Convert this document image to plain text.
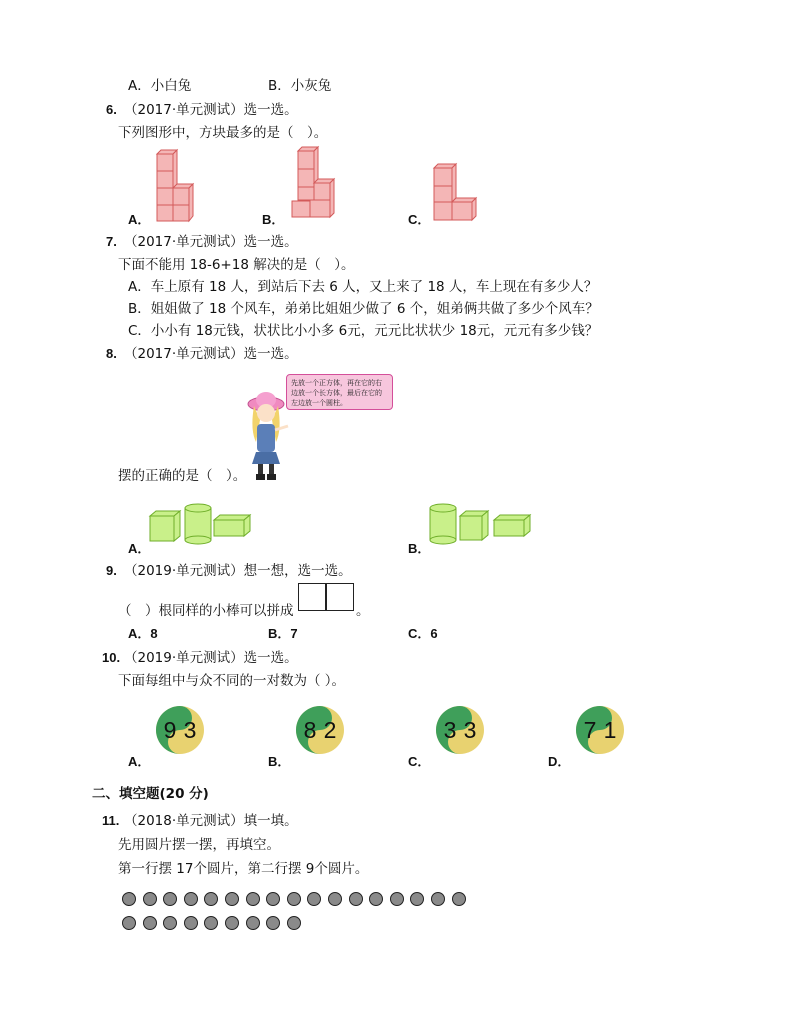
A．小白兔	B．小灰兔
6. （2017·单元测试）选一选。
下列图形中，方块最多的是（　）。
A．	B．	C．
7. （2017·单元测试）选一选。
下面不能用 18-6+18 解决的是（　）。
A．车上原有 18 人，到站后下去 6 人，又上来了 18 人，车上现在有多少人？
B．姐姐做了 18 个风车，弟弟比姐姐少做了 6 个，姐弟俩共做了多少个风车？
C．小小有 18元钱，状状比小小多 6元，元元比状状少 18元，元元有多少钱？
8. （2017·单元测试）选一选。
先放一个正方体，再在它的右边放一个长方体，最后在它的左边放一个圆柱。
摆的正确的是（　）。
A．	B．
9. （2019·单元测试）想一想，选一选。
（　）根同样的小棒可以拼成	。
A．8	B．7	C．6
10. （2019·单元测试）选一选。
下面每组中与众不同的一对数为（ ）。
9 3	8 2	3 3	7 1
A．	B．	C．	D．
二、填空题(20 分)
11. （2018·单元测试）填一填。
先用圆片摆一摆，再填空。
第一行摆 17个圆片，第二行摆 9个圆片。
